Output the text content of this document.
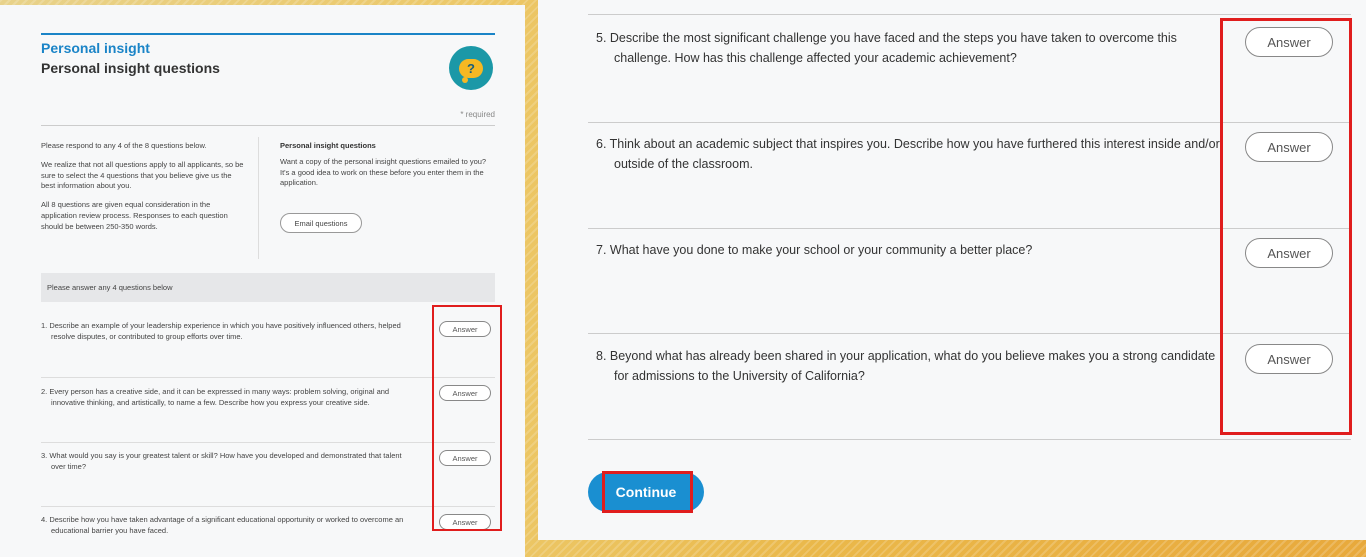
Personal insight
Personal insight questions	?
* required

Please respond to any 4 of the 8 questions below.

We realize that not all questions apply to all applicants, so be sure to select the 4 questions that you believe give us the best information about you.

All 8 questions are given equal consideration in the application review process. Responses to each question should be between 250-350 words.

Personal insight questions
Want a copy of the personal insight questions emailed to you? It's a good idea to work on these before you enter them in the application.
Email questions
Please answer any 4 questions below
1. Describe an example of your leadership experience in which you have positively influenced others, helped resolve disputes, or contributed to group efforts over time.
Answer
2. Every person has a creative side, and it can be expressed in many ways: problem solving, original and innovative thinking, and artistically, to name a few. Describe how you express your creative side.
Answer
3. What would you say is your greatest talent or skill? How have you developed and demonstrated that talent over time?
Answer
4. Describe how you have taken advantage of a significant educational opportunity or worked to overcome an educational barrier you have faced.
Answer
5. Describe the most significant challenge you have faced and the steps you have taken to overcome this challenge. How has this challenge affected your academic achievement?
Answer
6. Think about an academic subject that inspires you. Describe how you have furthered this interest inside and/or outside of the classroom.
Answer
7. What have you done to make your school or your community a better place?	Answer
8. Beyond what has already been shared in your application, what do you believe makes you a strong candidate for admissions to the University of California?
Answer
Continue
